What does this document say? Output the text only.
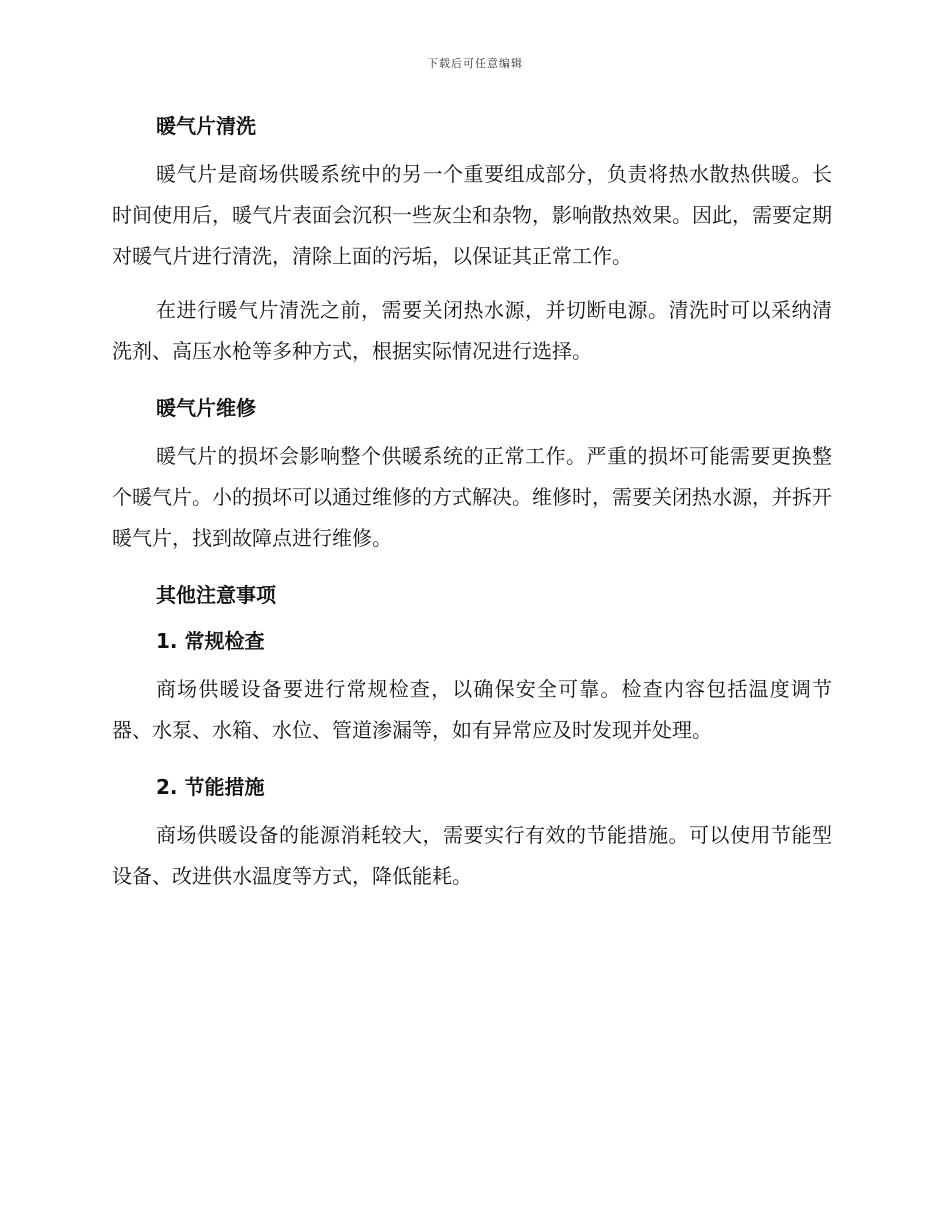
下载后可任意编辑
暖气片清洗

暖气片是商场供暖系统中的另一个重要组成部分，负责将热水散热供暖。长时间使用后，暖气片表面会沉积一些灰尘和杂物，影响散热效果。因此，需要定期对暖气片进行清洗，清除上面的污垢，以保证其正常工作。

在进行暖气片清洗之前，需要关闭热水源，并切断电源。清洗时可以采纳清洗剂、高压水枪等多种方式，根据实际情况进行选择。

暖气片维修

暖气片的损坏会影响整个供暖系统的正常工作。严重的损坏可能需要更换整个暖气片。小的损坏可以通过维修的方式解决。维修时，需要关闭热水源，并拆开暖气片，找到故障点进行维修。

其他注意事项
1. 常规检查

商场供暖设备要进行常规检查，以确保安全可靠。检查内容包括温度调节器、水泵、水箱、水位、管道渗漏等，如有异常应及时发现并处理。

2. 节能措施

商场供暖设备的能源消耗较大，需要实行有效的节能措施。可以使用节能型设备、改进供水温度等方式，降低能耗。
